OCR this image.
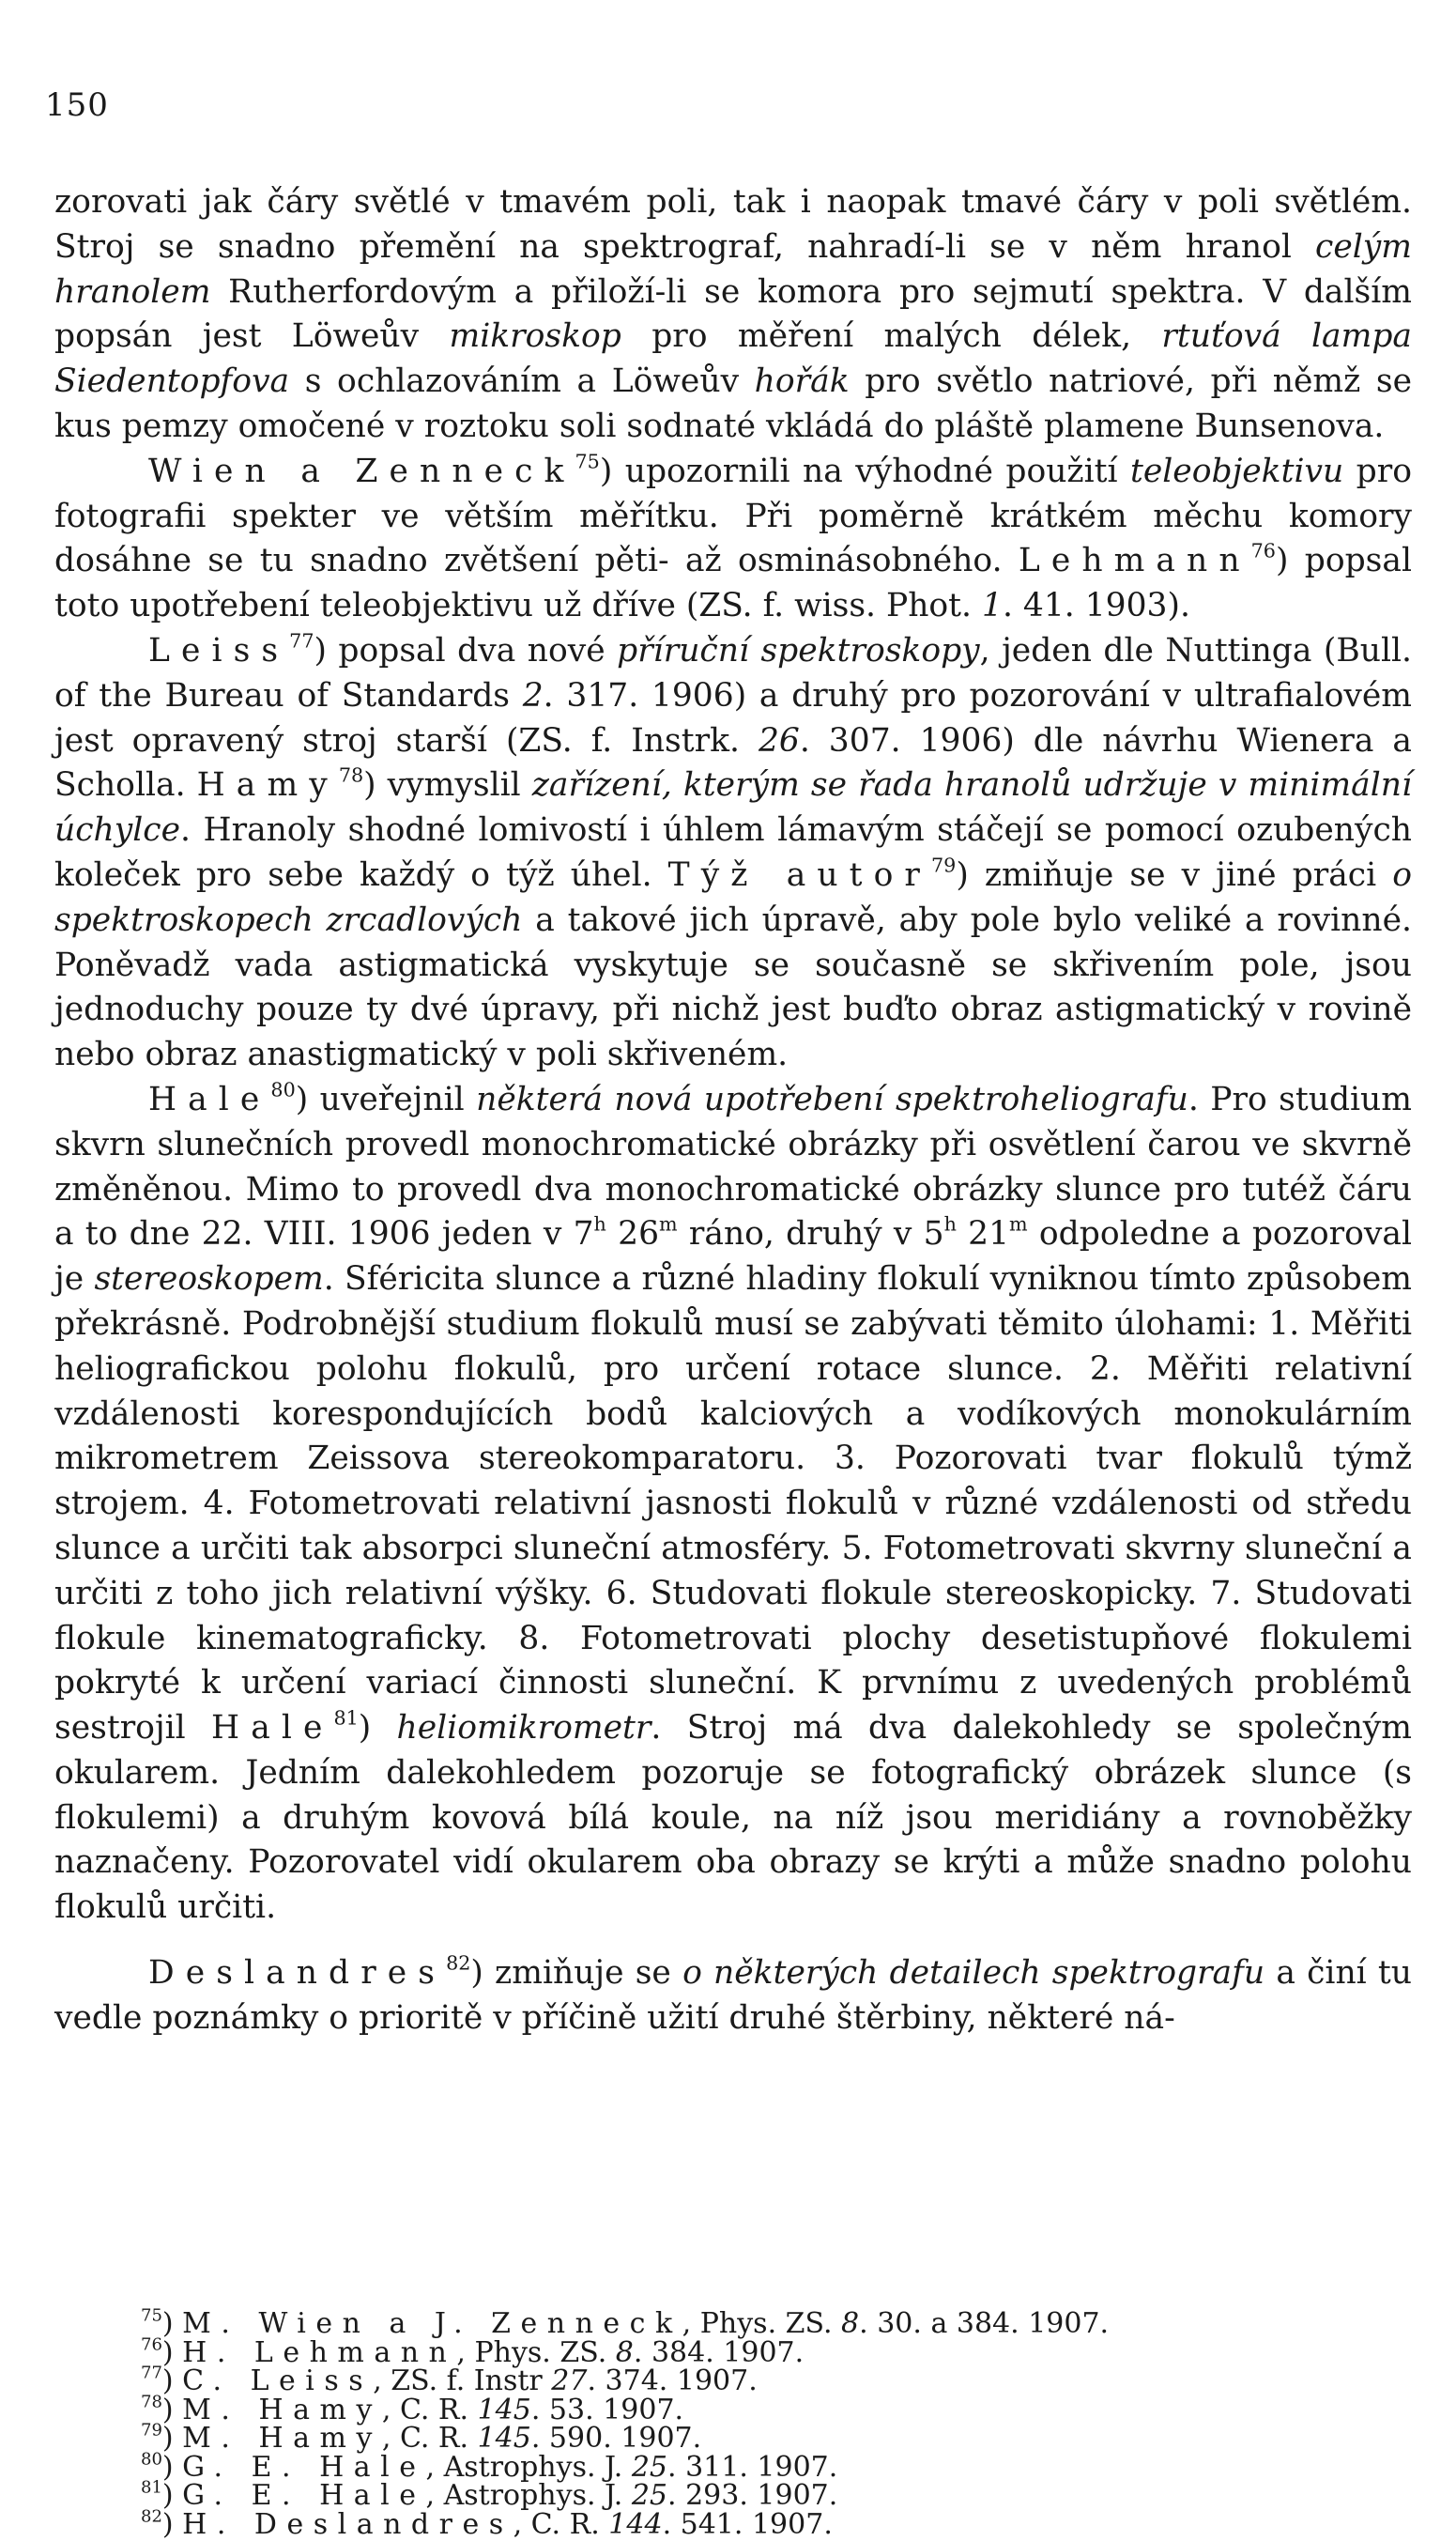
150

zorovati jak čáry světlé v tmavém poli, tak i naopak tmavé čáry v poli světlém. Stroj se snadno přemění na spektrograf, nahradí-li se v něm hranol celým hranolem Rutherfordovým a přiloží-li se komora pro sejmutí spektra. V dalším popsán jest Löweův mikroskop pro měření malých délek, rtuťová lampa Siedentopfova s ochlazováním a Löweův hořák pro světlo natriové, při němž se kus pemzy omočené v roztoku soli sodnaté vkládá do pláště plamene Bunsenova.

Wien a Zenneck$^{75}$) upozornili na výhodné použití teleobjektivu pro fotografii spekter ve větším měřítku. Při poměrně krátkém měchu komory dosáhne se tu snadno zvětšení pěti- až osminásobného. Lehmann$^{76}$) popsal toto upotřebení teleobjektivu už dříve (ZS. f. wiss. Phot. 1. 41. 1903).

Leiss$^{77}$) popsal dva nové příruční spektroskopy, jeden dle Nuttinga (Bull. of the Bureau of Standards 2. 317. 1906) a druhý pro pozorování v ultrafialovém jest opravený stroj starší (ZS. f. Instrk. 26. 307. 1906) dle návrhu Wienera a Scholla. Hamy$^{78}$) vymyslil zařízení, kterým se řada hranolů udržuje v minimální úchylce. Hranoly shodné lomivostí i úhlem lámavým stáčejí se pomocí ozubených koleček pro sebe každý o týž úhel. Týž autor$^{79}$) zmiňuje se v jiné práci o spektroskopech zrcadlových a takové jich úpravě, aby pole bylo veliké a rovinné. Poněvadž vada astigmatická vyskytuje se současně se skřivením pole, jsou jednoduchy pouze ty dvé úpravy, při nichž jest buďto obraz astigmatický v rovině nebo obraz anastigmatický v poli skřiveném.

Hale$^{80}$) uveřejnil některá nová upotřebení spektroheliografu. Pro studium skvrn slunečních provedl monochromatické obrázky při osvětlení čarou ve skvrně změněnou. Mimo to provedl dva monochromatické obrázky slunce pro tutéž čáru a to dne 22. VIII. 1906 jeden v 7$^h$ 26$^m$ ráno, druhý v 5$^h$ 21$^m$ odpoledne a pozoroval je stereoskopem. Sféricita slunce a různé hladiny flokulí vyniknou tímto způsobem překrásně. Podrobnější studium flokulů musí se zabývati těmito úlohami: 1. Měřiti heliografickou polohu flokulů, pro určení rotace slunce. 2. Měřiti relativní vzdálenosti korespondujících bodů kalciových a vodíkových monokulárním mikrometrem Zeissova stereokomparatoru. 3. Pozorovati tvar flokulů týmž strojem. 4. Fotometrovati relativní jasnosti flokulů v různé vzdálenosti od středu slunce a určiti tak absorpci sluneční atmosféry. 5. Fotometrovati skvrny sluneční a určiti z toho jich relativní výšky. 6. Studovati flokule stereoskopicky. 7. Studovati flokule kinematograficky. 8. Fotometrovati plochy desetistupňové flokulemi pokryté k určení variací činnosti sluneční. K prvnímu z uvedených problémů sestrojil Hale$^{81}$) heliomikrometr. Stroj má dva dalekohledy se společným okularem. Jedním dalekohledem pozoruje se fotografický obrázek slunce (s flokulemi) a druhým kovová bílá koule, na níž jsou meridiány a rovnoběžky naznačeny. Pozorovatel vidí okularem oba obrazy se krýti a může snadno polohu flokulů určiti.

Deslandres$^{82}$) zmiňuje se o některých detailech spektrografu a činí tu vedle poznámky o prioritě v příčině užití druhé štěrbiny, některé ná-

$^{75}$) M. Wien a J. Zenneck, Phys. ZS. 8. 30. a 384. 1907.
$^{76}$) H. Lehmann, Phys. ZS. 8. 384. 1907.
$^{77}$) C. Leiss, ZS. f. Instr 27. 374. 1907.
$^{78}$) M. Hamy, C. R. 145. 53. 1907.
$^{79}$) M. Hamy, C. R. 145. 590. 1907.
$^{80}$) G. E. Hale, Astrophys. J. 25. 311. 1907.
$^{81}$) G. E. Hale, Astrophys. J. 25. 293. 1907.
$^{82}$) H. Deslandres, C. R. 144. 541. 1907.
